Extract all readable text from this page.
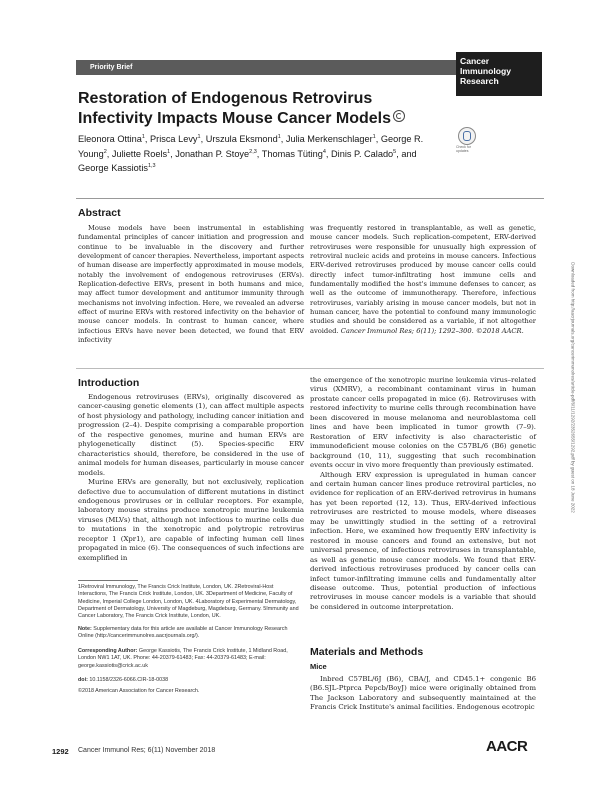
Priority Brief
Cancer
Immunology
Research
Restoration of Endogenous Retrovirus Infectivity Impacts Mouse Cancer Models
Eleonora Ottina$^1$, Prisca Levy$^1$, Urszula Eksmond$^1$, Julia Merkenschlager$^1$, George R. Young$^2$, Juliette Roels$^1$, Jonathan P. Stoye$^{2,3}$, Thomas Tüting$^4$, Dinis P. Calado$^5$, and George Kassiotis$^{1,3}$
Check for
updates
Abstract
Mouse models have been instrumental in establishing fundamental principles of cancer initiation and progression and continue to be invaluable in the discovery and further development of cancer therapies. Nevertheless, important aspects of human disease are imperfectly approximated in mouse models, notably the involvement of endogenous retroviruses (ERVs). Replication-defective ERVs, present in both humans and mice, may affect tumor development and antitumor immunity through mechanisms not involving infection. Here, we revealed an adverse effect of murine ERVs with restored infectivity on the behavior of mouse cancer models. In contrast to human cancer, where infectious ERVs have never been detected, we found that ERV infectivity
was frequently restored in transplantable, as well as genetic, mouse cancer models. Such replication-competent, ERV-derived retroviruses were responsible for unusually high expression of retroviral nucleic acids and proteins in mouse cancers. Infectious ERV-derived retroviruses produced by mouse cancer cells could directly infect tumor-infiltrating host immune cells and fundamentally modified the host's immune defenses to cancer, as well as the outcome of immunotherapy. Therefore, infectious retroviruses, variably arising in mouse cancer models, but not in human cancer, have the potential to confound many immunologic studies and should be considered as a variable, if not altogether avoided. Cancer Immunol Res; 6(11); 1292–300. ©2018 AACR.
Introduction

Endogenous retroviruses (ERVs), originally discovered as cancer-causing genetic elements (1), can affect multiple aspects of host physiology and pathology, including cancer initiation and progression (2–4). Despite comprising a comparable proportion of the respective genomes, murine and human ERVs are phylogenetically distinct (5). Species-specific ERV characteristics should, therefore, be considered in the use of animal models for human diseases, particularly in mouse cancer models.

Murine ERVs are generally, but not exclusively, replication defective due to accumulation of different mutations in distinct endogenous proviruses or in cellular receptors. For example, laboratory mouse strains produce xenotropic murine leukemia viruses (MLVs) that, although not infectious to murine cells due to mutations in the xenotropic and polytropic retrovirus receptor 1 (Xpr1), are capable of infecting human cell lines propagated in mice (6). The consequences of such infections are exemplified in

the emergence of the xenotropic murine leukemia virus–related virus (XMRV), a recombinant contaminant virus in human prostate cancer cells propagated in mice (6). Retroviruses with restored infectivity to murine cells through recombination have been discovered in mouse melanoma and neuroblastoma cell lines and have been implicated in tumor growth (7–9). Restoration of ERV infectivity is also characteristic of immunodeficient mouse colonies on the C57BL/6 (B6) genetic background (10, 11), suggesting that such recombination events occur in vivo more frequently than previously estimated.

Although ERV expression is upregulated in human cancer and certain human cancer lines produce retroviral particles, no evidence for replication of an ERV-derived retrovirus in humans has yet been reported (12, 13). Thus, ERV-derived infectious retroviruses are restricted to mouse models, where diseases may be unwittingly studied in the setting of a retroviral infection. Here, we examined how frequently ERV infectivity is restored in mouse cancers and found an extensive, but not universal presence, of infectious retroviruses in transplantable, as well as genetic mouse cancer models. We found that ERV-derived infectious retroviruses produced by cancer cells can infect tumor-infiltrating immune cells and fundamentally alter disease outcome. Thus, potential production of infectious retroviruses in mouse cancer models is a variable that should be considered in outcome interpretation.

Materials and Methods
Mice

Inbred C57BL/6J (B6), CBA/J, and CD45.1+ congenic B6 (B6.SJL-Ptprca Pepcb/BoyJ) mice were originally obtained from The Jackson Laboratory and subsequently maintained at the Francis Crick Institute's animal facilities. Endogenous ecotropic

1Retroviral Immunology, The Francis Crick Institute, London, UK. 2Retroviral-Host Interactions, The Francis Crick Institute, London, UK. 3Department of Medicine, Faculty of Medicine, Imperial College London, London, UK. 4Laboratory of Experimental Dermatology, Department of Dermatology, University of Magdeburg, Magdeburg, Germany. 5Immunity and Cancer Laboratory, The Francis Crick Institute, London, UK.
Note: Supplementary data for this article are available at Cancer Immunology Research Online (http://cancerimmunolres.aacrjournals.org/).
Corresponding Author: George Kassiotis, The Francis Crick Institute, 1 Midland Road, London NW1 1AT, UK. Phone: 44-20379-61483; Fax: 44-20379-61483; E-mail: george.kassiotis@crick.ac.uk
doi: 10.1158/2326-6066.CIR-18-0038
©2018 American Association for Cancer Research.
Downloaded from http://aacrjournals.org/cancerimmunolres/article-pdf/6/11/1292/2352655/1292.pdf by guest on 18 June 2022
1292 Cancer Immunol Res; 6(11) November 2018	AACR
